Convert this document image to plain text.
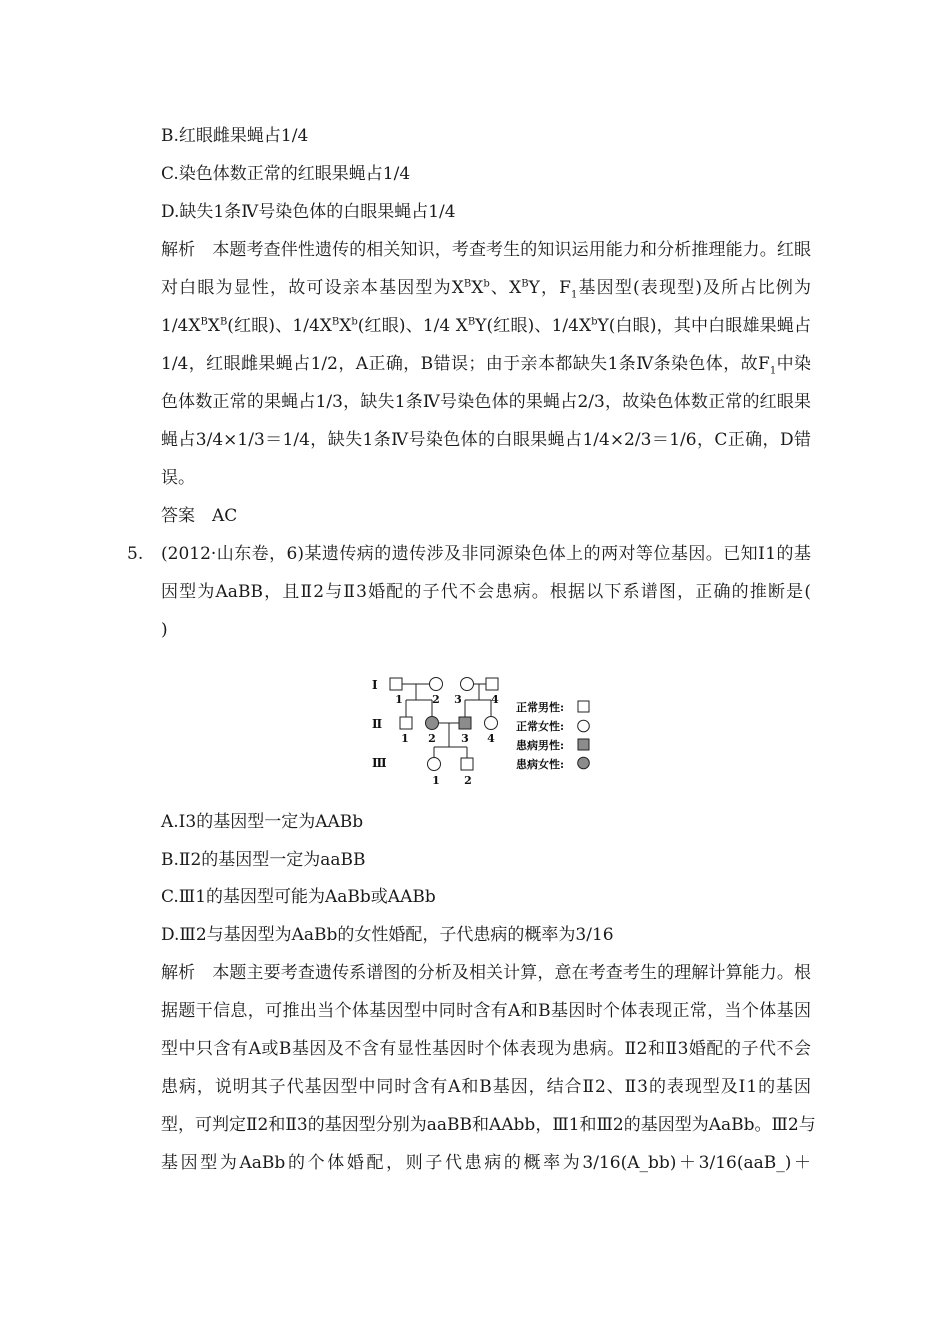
B.红眼雌果蝇占1/4
C.染色体数正常的红眼果蝇占1/4
D.缺失1条Ⅳ号染色体的白眼果蝇占1/4
解析　本题考查伴性遗传的相关知识，考查考生的知识运用能力和分析推理能力。红眼
对白眼为显性，故可设亲本基因型为$X^BX^b$、$X^BY$，$F_1$基因型(表现型)及所占比例为
$1/4X^BX^B$(红眼)、$1/4X^BX^b$(红眼)、1/4 $X^BY$(红眼)、$1/4X^bY$(白眼)，其中白眼雄果蝇占
1/4，红眼雌果蝇占1/2，A正确，B错误；由于亲本都缺失1条Ⅳ条染色体，故$F_1$中染
色体数正常的果蝇占1/3，缺失1条Ⅳ号染色体的果蝇占2/3，故染色体数正常的红眼果
蝇占3/4×1/3＝1/4，缺失1条Ⅳ号染色体的白眼果蝇占1/4×2/3＝1/6，C正确，D错
误。
答案　AC
5. (2012·山东卷，6)某遗传病的遗传涉及非同源染色体上的两对等位基因。已知Ⅰ1的基
因型为AaBB，且Ⅱ2与Ⅱ3婚配的子代不会患病。根据以下系谱图，正确的推断是(
)
Ⅰ
Ⅱ
Ⅲ
1	2 3	4
1 2 3 4
1 2
正常男性:
正常女性:
患病男性:
患病女性:
A.Ⅰ3的基因型一定为AABb
B.Ⅱ2的基因型一定为aaBB
C.Ⅲ1的基因型可能为AaBb或AABb
D.Ⅲ2与基因型为AaBb的女性婚配，子代患病的概率为3/16
解析　本题主要考查遗传系谱图的分析及相关计算，意在考查考生的理解计算能力。根
据题干信息，可推出当个体基因型中同时含有A和B基因时个体表现正常，当个体基因
型中只含有A或B基因及不含有显性基因时个体表现为患病。Ⅱ2和Ⅱ3婚配的子代不会
患病，说明其子代基因型中同时含有A和B基因，结合Ⅱ2、Ⅱ3的表现型及Ⅰ1的基因
型，可判定Ⅱ2和Ⅱ3的基因型分别为aaBB和AAbb，Ⅲ1和Ⅲ2的基因型为AaBb。Ⅲ2与
基因型为AaBb的个体婚配，则子代患病的概率为3/16(A_bb)＋3/16(aaB_)＋
